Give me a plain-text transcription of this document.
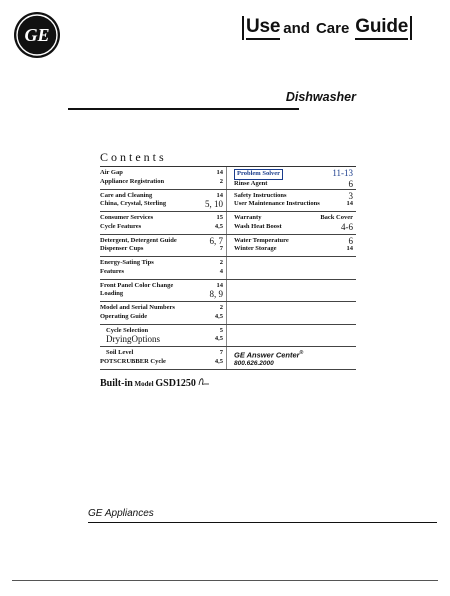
GE	Use and Care Guide
Dishwasher
Contents
Air Gap	14
Appliance Registration	2
Problem Solver	11-13
Rinse Agent	6
Care and Cleaning	14
China, Crystal, Sterling	5, 10
Safety Instructions	3
User Maintenance Instructions	14
Consumer Services	15
Cycle Features	4,5
Warranty	Back Cover
Wash Heat Boost	4-6
Detergent, Detergent Guide	6, 7
Dispenser Cups	7
Water Temperature	6
Winter Storage	14
Energy-Sating Tips	2
Features	4
Front Panel Color Change	14
Loading	8, 9
Model and Serial Numbers	2
Operating Guide	4,5
Cycle Selection	5
DryingOptions	4,5
Soil Level	7
POTSCRUBBER Cycle	4,5
GE Answer Center®
800.626.2000
Built-in Model GSD1250
GE Appliances
